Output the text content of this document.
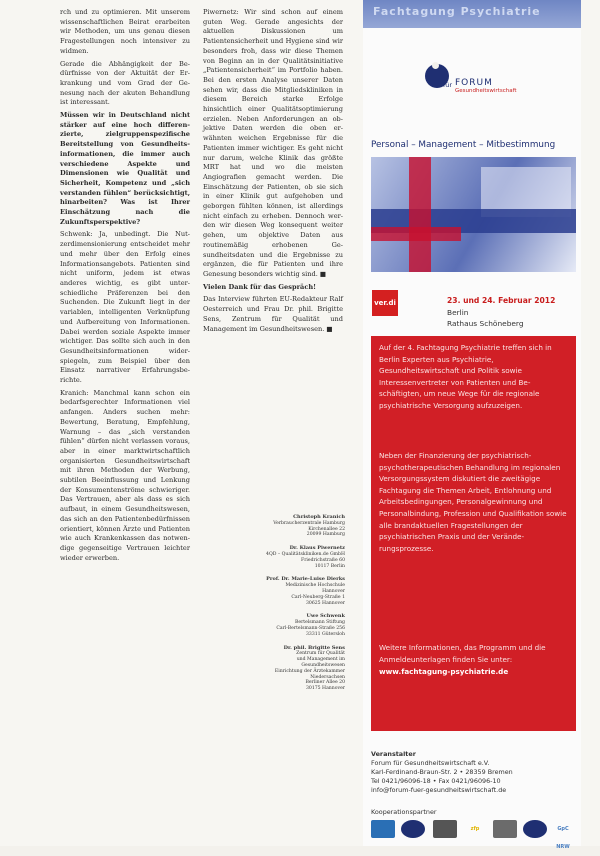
rch und zu optimieren. Mit unserem wissenschaftlichen Beirat erarbeiten wir Methoden, um uns genau diesen Fragestellungen noch intensiver zu widmen.

Gerade die Abhängigkeit der Bedürfnisse von der Aktuität der Erkrankung und vom Grad der Genesung nach der akuten Behandlung ist interessant.

Müssen wir in Deutschland nicht stärker auf eine hoch differenzierte, zielgruppenspezifische Bereitstellung von Gesundheitsinformationen, die immer auch verschiedene Aspekte und Dimensionen wie Qualität und Sicherheit, Kompetenz und „sich verstanden fühlen“ berücksichtigt, hinarbeiten? Was ist Ihrer Einschätzung nach die Zukunftsperspektive?

Schwenk: Ja, unbedingt. Die Nutzerdimensionierung entscheidet mehr und mehr über den Erfolg eines Informationsangebots. Patienten sind nicht uniform, jedem ist etwas anderes wichtig, es gibt unterschiedliche Präferenzen bei den Suchenden. Die Zukunft liegt in der variablen, intelligenten Verknüpfung und Aufbereitung von Informationen. Dabei werden soziale Aspekte immer wichtiger. Das sollte sich auch in den Gesundheitsinformationen widerspiegeln, zum Beispiel über den Einsatz narrativer Erfahrungsberichte.

Kranich: Manchmal kann schon ein bedarfsgerechter Informationen viel anfangen. Anders suchen mehr: Bewertung, Beratung, Empfehlung, Warnung – das „sich verstanden fühlen“ dürfen nicht verlassen voraus, aber in einer marktwirtschaftlich organisierten Gesundheitswirtschaft mit ihren Methoden der Werbung, subtilen Beeinflussung und Lenkung der Konsumentenströme schwieriger. Das Vertrauen, aber als dass es sich aufbaut, in einem Gesundheitswesen, das sich an den Patientenbedürfnissen orientiert, können Ärzte und Patienten wie auch Krankenkassen das notwendige gegenseitige Vertrauen leichter wieder erwerben.

Piwernetz: Wir sind schon auf einem guten Weg. Gerade angesichts der aktuellen Diskussionen um Patientensicherheit und Hygiene sind wir besonders froh, dass wir diese Themen von Beginn an in der Qualitätsinitiative „Patientensicherheit“ im Portfolio haben. Bei den ersten Analyse unserer Daten sehen wir, dass die Mitgliedskliniken in diesem Bereich starke Erfolge hinsichtlich einer Qualitätsoptimierung erzielen. Neben Anforderungen an objektive Daten werden die oben erwähnten weichen Ergebnisse für die Patienten immer wichtiger. Es geht nicht nur darum, welche Klinik das größte MRT hat und wo die meisten Angiografien gemacht werden. Die Einschätzung der Patienten, ob sie sich in einer Klinik gut aufgehoben und geborgen fühlten können, ist allerdings nicht einfach zu erheben. Dennoch werden wir diesen Weg konsequent weiter gehen, um objektive Daten aus routinemäßig erhobenen Gesundheitsdaten und die Ergebnisse zu ergänzen, die für Patienten und ihre Genesung besonders wichtig sind. ■

Vielen Dank für das Gespräch!

Das Interview führten EU-Redakteur Ralf Oesterreich und Frau Dr. phil. Brigitte Sens, Zentrum für Qualität und Management im Gesundheitswesen. ■

Christoph Kranich
Verbraucherzentrale Hamburg
Kirchenallee 22
20099 Hamburg
Dr. Klaus Piwernetz
4QD – Qualitätskliniken.de GmbH
Friedrichstraße 60
10117 Berlin
Prof. Dr. Marie-Luise Dierks
Medizinische Hochschule Hannover
Carl-Neuberg-Straße 1
30625 Hannover
Uwe Schwenk
Bertelsmann Stiftung
Carl-Bertelsmann-Straße 256
33311 Gütersloh
Dr. phil. Brigitte Sens
Zentrum für Qualität
und Management im
Gesundheitswesen
Einrichtung der Ärztekammer
Niedersachsen
Berliner Allee 20
30175 Hannover
Fachtagung Psychiatrie
für FORUM
Gesundheitswirtschaft
Personal – Management – Mitbestimmung
ver.di	23. und 24. Februar 2012
Berlin
Rathaus Schöneberg

Auf der 4. Fachtagung Psychiatrie treffen sich in Berlin Experten aus Psychiatrie, Gesundheitswirtschaft und Politik sowie Interessenvertreter von Patienten und Beschäftigten, um neue Wege für die regionale psychiatrische Versorgung aufzuzeigen.

Neben der Finanzierung der psychiatrisch-psychotherapeutischen Behandlung im regionalen Versorgungssystem diskutiert die zweitägige Fachtagung die Themen Arbeit, Entlohnung und Arbeitsbedingungen, Personalgewinnung und Personalbindung, Profession und Qualifikation sowie alle brandaktuellen Fragestellungen der psychiatrischen Praxis und der Veränderungsprozesse.

Weitere Informationen, das Programm und die Anmeldeunterlagen finden Sie unter:

www.fachtagung-psychiatrie.de

Veranstalter
Forum für Gesundheitswirtschaft e.V.
Karl-Ferdinand-Braun-Str. 2 • 28359 Bremen
Tel 0421/96096-18 • Fax 0421/96096-10
info@forum-fuer-gesundheitswirtschaft.de
Kooperationspartner
zfp	GpC NRW
